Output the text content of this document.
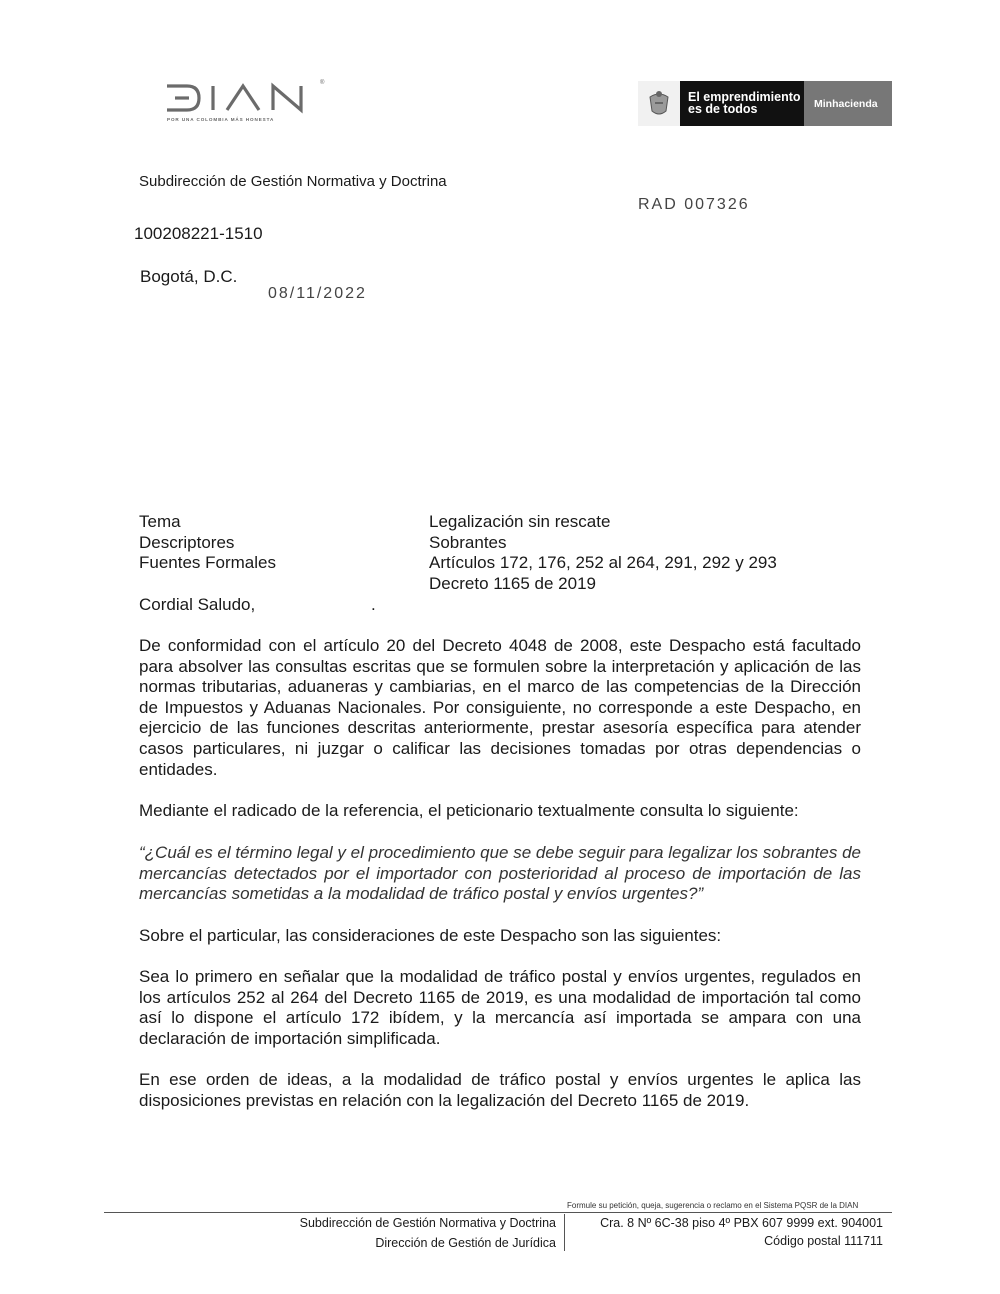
®
POR UNA COLOMBIA MÁS HONESTA
El emprendimiento
es de todos	Minhacienda
Subdirección de Gestión Normativa y Doctrina
RAD 007326
100208221-1510
Bogotá, D.C.
08/11/2022
Tema	Legalización sin rescate
Descriptores	Sobrantes
Fuentes Formales	Artículos 172, 176, 252 al 264, 291, 292 y 293
Decreto 1165 de 2019
Cordial Saludo,	.
De conformidad con el artículo 20 del Decreto 4048 de 2008, este Despacho está facultado para absolver las consultas escritas que se formulen sobre la interpretación y aplicación de las normas tributarias, aduaneras y cambiarias, en el marco de las competencias de la Dirección de Impuestos y Aduanas Nacionales. Por consiguiente, no corresponde a este Despacho, en ejercicio de las funciones descritas anteriormente, prestar asesoría específica para atender casos particulares, ni juzgar o calificar las decisiones tomadas por otras dependencias o entidades.
Mediante el radicado de la referencia, el peticionario textualmente consulta lo siguiente:
“¿Cuál es el término legal y el procedimiento que se debe seguir para legalizar los sobrantes de mercancías detectados por el importador con posterioridad al proceso de importación de las mercancías sometidas a la modalidad de tráfico postal y envíos urgentes?”
Sobre el particular, las consideraciones de este Despacho son las siguientes:
Sea lo primero en señalar que la modalidad de tráfico postal y envíos urgentes, regulados en los artículos 252 al 264 del Decreto 1165 de 2019, es una modalidad de importación tal como así lo dispone el artículo 172 ibídem, y la mercancía así importada se ampara con una declaración de importación simplificada.
En ese orden de ideas, a la modalidad de tráfico postal y envíos urgentes le aplica las disposiciones previstas en relación con la legalización del Decreto 1165 de 2019.
Formule su petición, queja, sugerencia o reclamo en el Sistema PQSR de la DIAN
Subdirección de Gestión Normativa y Doctrina
Dirección de Gestión de Jurídica
Cra. 8 Nº 6C-38 piso 4º PBX 607 9999 ext. 904001
Código postal 111711
